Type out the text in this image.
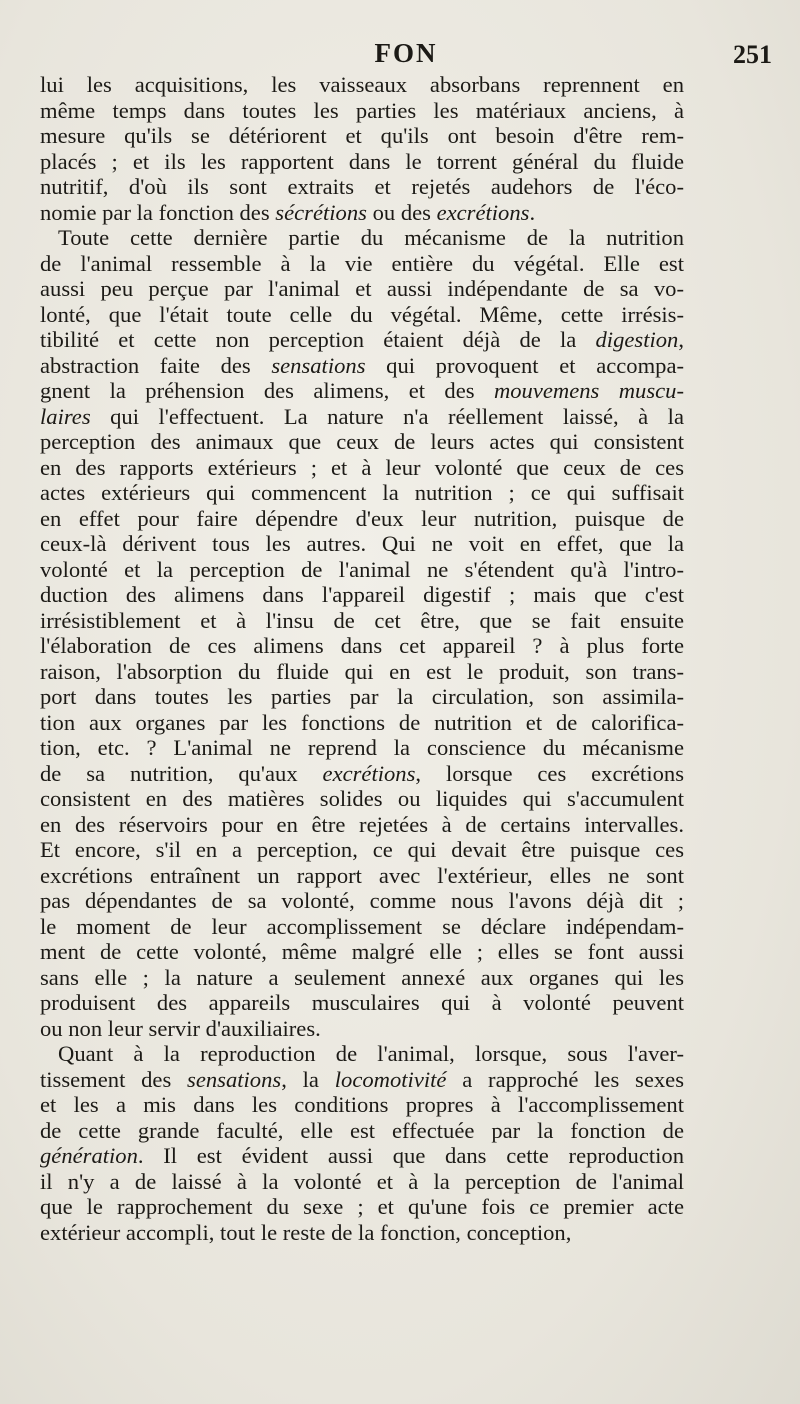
FON	251
lui les acquisitions, les vaisseaux absorbans reprennent en
même temps dans toutes les parties les matériaux anciens, à
mesure qu'ils se détériorent et qu'ils ont besoin d'être rem-
placés ; et ils les rapportent dans le torrent général du fluide
nutritif, d'où ils sont extraits et rejetés audehors de l'éco-
nomie par la fonction des sécrétions ou des excrétions.
Toute cette dernière partie du mécanisme de la nutrition
de l'animal ressemble à la vie entière du végétal. Elle est
aussi peu perçue par l'animal et aussi indépendante de sa vo-
lonté, que l'était toute celle du végétal. Même, cette irrésis-
tibilité et cette non perception étaient déjà de la digestion,
abstraction faite des sensations qui provoquent et accompa-
gnent la préhension des alimens, et des mouvemens muscu-
laires qui l'effectuent. La nature n'a réellement laissé, à la
perception des animaux que ceux de leurs actes qui consistent
en des rapports extérieurs ; et à leur volonté que ceux de ces
actes extérieurs qui commencent la nutrition ; ce qui suffisait
en effet pour faire dépendre d'eux leur nutrition, puisque de
ceux-là dérivent tous les autres. Qui ne voit en effet, que la
volonté et la perception de l'animal ne s'étendent qu'à l'intro-
duction des alimens dans l'appareil digestif ; mais que c'est
irrésistiblement et à l'insu de cet être, que se fait ensuite
l'élaboration de ces alimens dans cet appareil ? à plus forte
raison, l'absorption du fluide qui en est le produit, son trans-
port dans toutes les parties par la circulation, son assimila-
tion aux organes par les fonctions de nutrition et de calorifica-
tion, etc. ? L'animal ne reprend la conscience du mécanisme
de sa nutrition, qu'aux excrétions, lorsque ces excrétions
consistent en des matières solides ou liquides qui s'accumulent
en des réservoirs pour en être rejetées à de certains intervalles.
Et encore, s'il en a perception, ce qui devait être puisque ces
excrétions entraînent un rapport avec l'extérieur, elles ne sont
pas dépendantes de sa volonté, comme nous l'avons déjà dit ;
le moment de leur accomplissement se déclare indépendam-
ment de cette volonté, même malgré elle ; elles se font aussi
sans elle ; la nature a seulement annexé aux organes qui les
produisent des appareils musculaires qui à volonté peuvent
ou non leur servir d'auxiliaires.
Quant à la reproduction de l'animal, lorsque, sous l'aver-
tissement des sensations, la locomotivité a rapproché les sexes
et les a mis dans les conditions propres à l'accomplissement
de cette grande faculté, elle est effectuée par la fonction de
génération. Il est évident aussi que dans cette reproduction
il n'y a de laissé à la volonté et à la perception de l'animal
que le rapprochement du sexe ; et qu'une fois ce premier acte
extérieur accompli, tout le reste de la fonction, conception,
